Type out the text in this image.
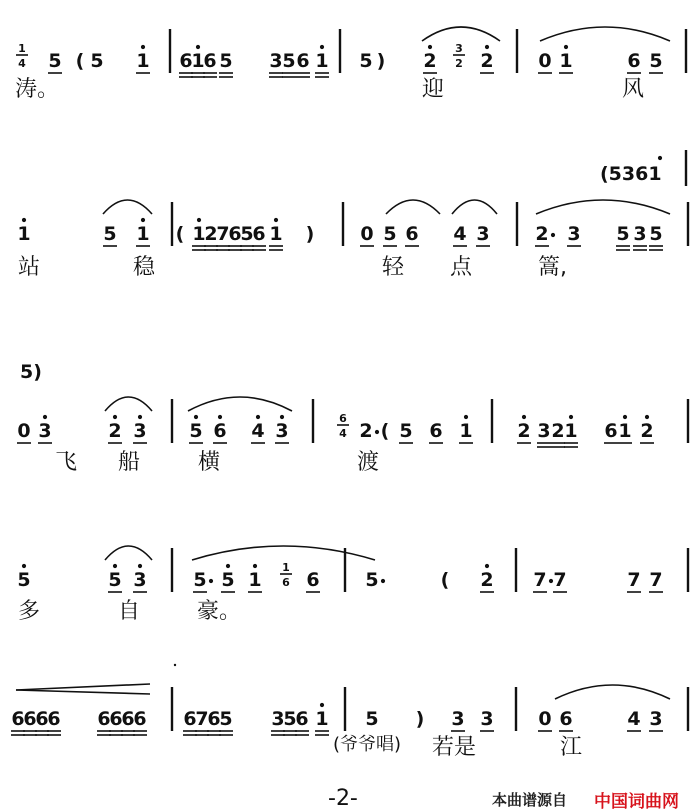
5 ( 5 1 6
1
6 5 3 5 6 1 5 ) 2 2 0 1	6 5
1
4
3
2
1	5 1 ( 1
2
7
6
5
6 1 ) 0 5 6 4 3 2 3 5 3 5
0 3	2 3 5 6 4 3	2 ( 5 6 1 2 3 2 1 6 1 2
6
4
5	5 3 5 5 1 6 5	( 2 7 7	7 7
1
6
6
6
6
6 6
6
6
6 6
7
6
5 3
5
6 1 5 ) 3 3 0 6	4 3
(5361
5)
涛。	迎	风
站	稳	轻 点	篙,
飞 船	横	渡
多	自	豪。
(爷爷唱) 若是	江
-2-	本曲谱源自 中国词曲网
